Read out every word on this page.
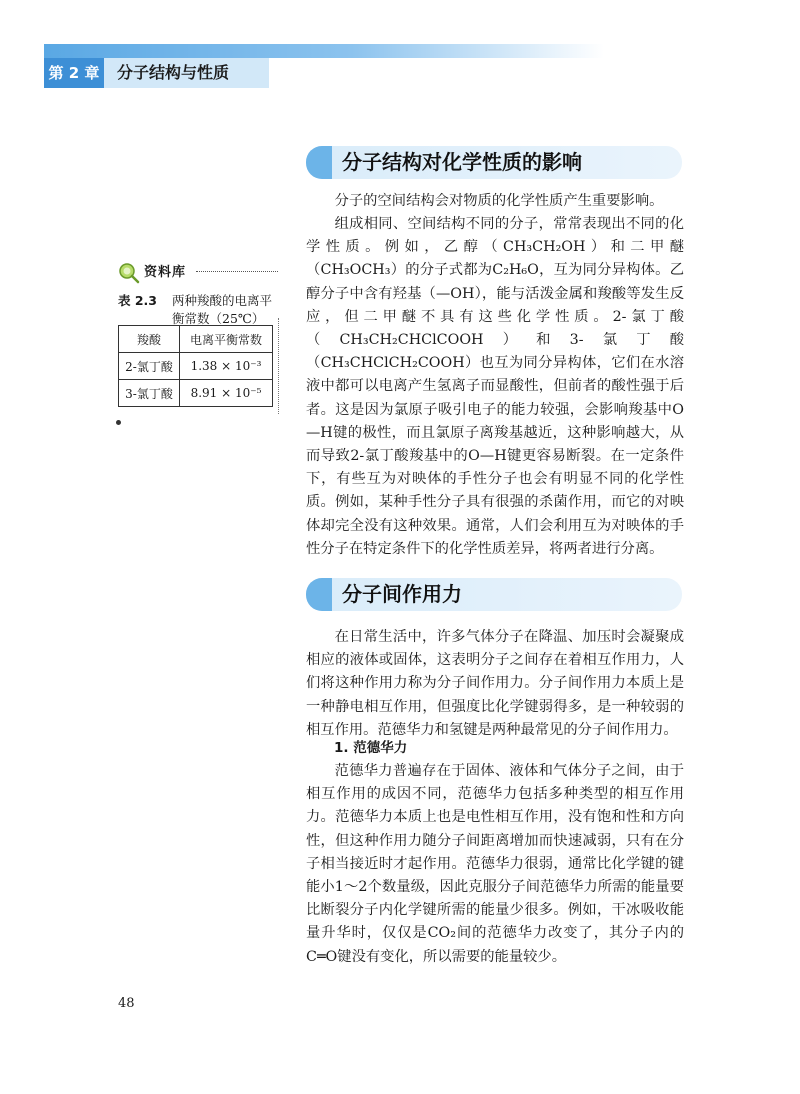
第 2 章	分子结构与性质
分子结构对化学性质的影响

分子的空间结构会对物质的化学性质产生重要影响。

组成相同、空间结构不同的分子，常常表现出不同的化学性质。例如，乙醇（CH₃CH₂OH）和二甲醚（CH₃OCH₃）的分子式都为C₂H₆O，互为同分异构体。乙醇分子中含有羟基（—OH），能与活泼金属和羧酸等发生反应，但二甲醚不具有这些化学性质。2-氯丁酸（CH₃CH₂CHClCOOH）和3-氯丁酸（CH₃CHClCH₂COOH）也互为同分异构体，它们在水溶液中都可以电离产生氢离子而显酸性，但前者的酸性强于后者。这是因为氯原子吸引电子的能力较强，会影响羧基中O—H键的极性，而且氯原子离羧基越近，这种影响越大，从而导致2-氯丁酸羧基中的O—H键更容易断裂。在一定条件下，有些互为对映体的手性分子也会有明显不同的化学性质。例如，某种手性分子具有很强的杀菌作用，而它的对映体却完全没有这种效果。通常，人们会利用互为对映体的手性分子在特定条件下的化学性质差异，将两者进行分离。

资料库
表 2.3 两种羧酸的电离平衡常数（25℃）
羧酸	电离平衡常数
2-氯丁酸	1.38 × 10⁻³
3-氯丁酸	8.91 × 10⁻⁵
分子间作用力

在日常生活中，许多气体分子在降温、加压时会凝聚成相应的液体或固体，这表明分子之间存在着相互作用力，人们将这种作用力称为分子间作用力。分子间作用力本质上是一种静电相互作用，但强度比化学键弱得多，是一种较弱的相互作用。范德华力和氢键是两种最常见的分子间作用力。

1. 范德华力

范德华力普遍存在于固体、液体和气体分子之间，由于相互作用的成因不同，范德华力包括多种类型的相互作用力。范德华力本质上也是电性相互作用，没有饱和性和方向性，但这种作用力随分子间距离增加而快速减弱，只有在分子相当接近时才起作用。范德华力很弱，通常比化学键的键能小1～2个数量级，因此克服分子间范德华力所需的能量要比断裂分子内化学键所需的能量少很多。例如，干冰吸收能量升华时，仅仅是CO₂间的范德华力改变了，其分子内的C═O键没有变化，所以需要的能量较少。

48
